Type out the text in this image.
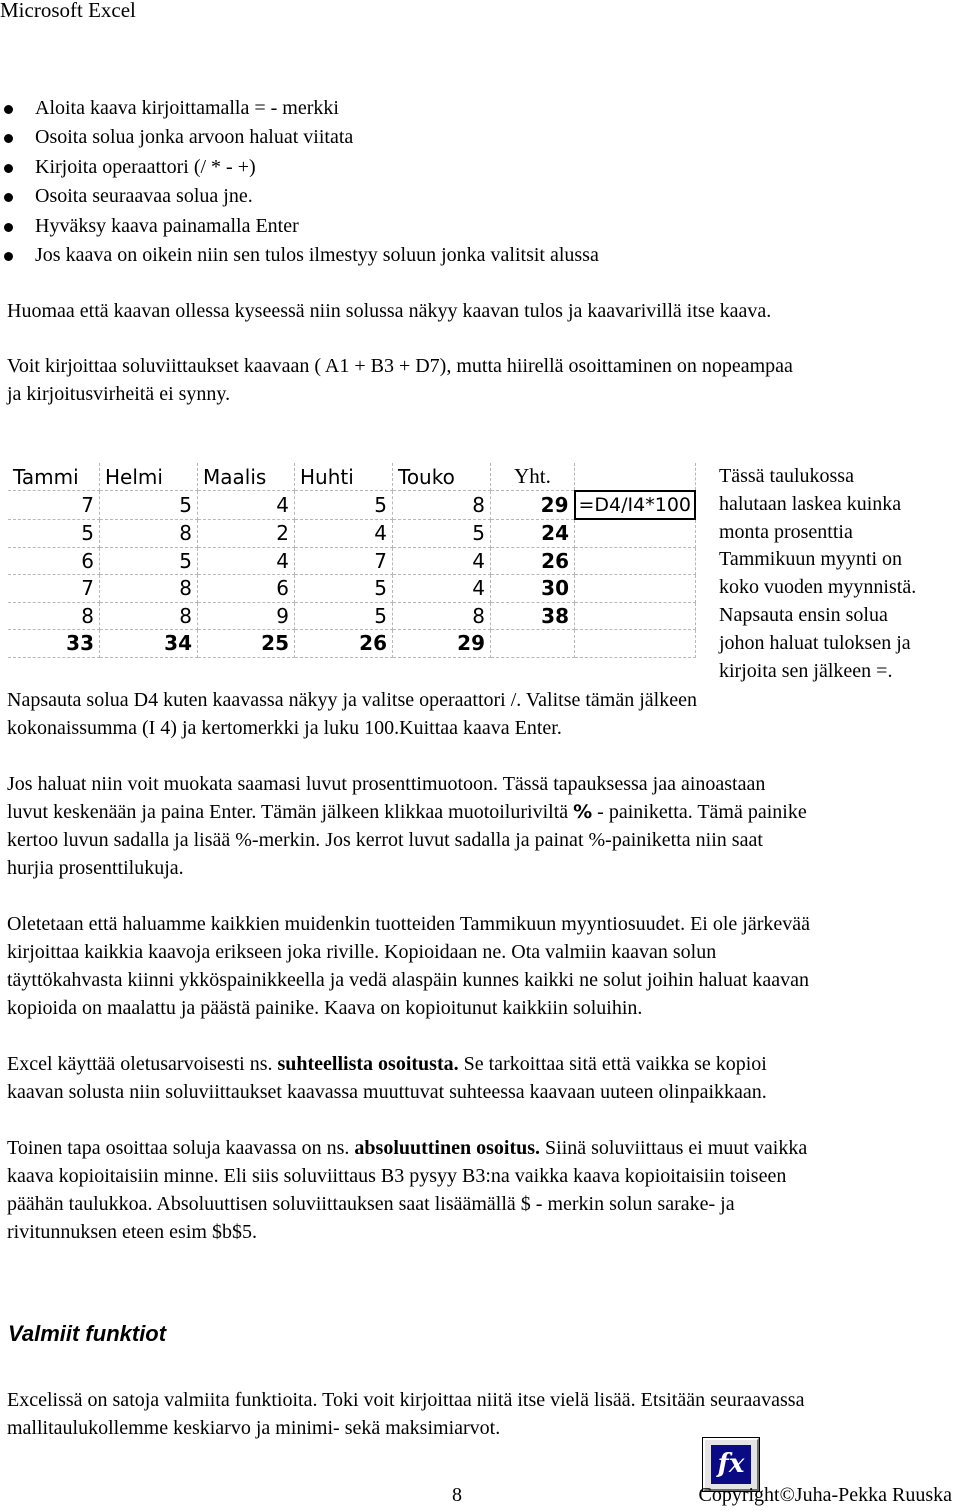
Microsoft Excel
Aloita kaava kirjoittamalla = - merkki
Osoita solua jonka arvoon haluat viitata
Kirjoita operaattori (/ * - +)
Osoita seuraavaa solua jne.
Hyväksy kaava painamalla Enter
Jos kaava on oikein niin sen tulos ilmestyy soluun jonka valitsit alussa
Huomaa että kaavan ollessa kyseessä niin solussa näkyy kaavan tulos ja kaavarivillä itse kaava.
Voit kirjoittaa soluviittaukset kaavaan ( A1 + B3 + D7), mutta hiirellä osoittaminen on nopeampaa
ja kirjoitusvirheitä ei synny.
Tammi	Helmi	Maalis	Huhti	Touko	Yht.	
7	5	4	5	8	29	=D4/I4*100
5	8	2	4	5	24	
6	5	4	7	4	26	
7	8	6	5	4	30	
8	8	9	5	8	38	
33	34	25	26	29		
Tässä taulukossa
halutaan laskea kuinka
monta prosenttia
Tammikuun myynti on
koko vuoden myynnistä.
Napsauta ensin solua
johon haluat tuloksen ja
kirjoita sen jälkeen =.
Napsauta solua D4 kuten kaavassa näkyy ja valitse operaattori /. Valitse tämän jälkeen
kokonaissumma (I 4) ja kertomerkki ja luku 100.Kuittaa kaava Enter.
Jos haluat niin voit muokata saamasi luvut prosenttimuotoon. Tässä tapauksessa jaa ainoastaan
luvut keskenään ja paina Enter. Tämän jälkeen klikkaa muotoiluriviltä % - painiketta. Tämä painike
kertoo luvun sadalla ja lisää %-merkin. Jos kerrot luvut sadalla ja painat %-painiketta niin saat
hurjia prosenttilukuja.
Oletetaan että haluamme kaikkien muidenkin tuotteiden Tammikuun myyntiosuudet. Ei ole järkevää
kirjoittaa kaikkia kaavoja erikseen joka riville. Kopioidaan ne. Ota valmiin kaavan solun
täyttökahvasta kiinni ykköspainikkeella ja vedä alaspäin kunnes kaikki ne solut joihin haluat kaavan
kopioida on maalattu ja päästä painike. Kaava on kopioitunut kaikkiin soluihin.
Excel käyttää oletusarvoisesti ns. suhteellista osoitusta. Se tarkoittaa sitä että vaikka se kopioi
kaavan solusta niin soluviittaukset kaavassa muuttuvat suhteessa kaavaan uuteen olinpaikkaan.
Toinen tapa osoittaa soluja kaavassa on ns. absoluuttinen osoitus. Siinä soluviittaus ei muut vaikka
kaava kopioitaisiin minne. Eli siis soluviittaus B3 pysyy B3:na vaikka kaava kopioitaisiin toiseen
päähän taulukkoa. Absoluuttisen soluviittauksen saat lisäämällä $ - merkin solun sarake- ja
rivitunnuksen eteen esim $b$5.
Valmiit funktiot
Excelissä on satoja valmiita funktioita. Toki voit kirjoittaa niitä itse vielä lisää. Etsitään seuraavassa
mallitaulukollemme keskiarvo ja minimi- sekä maksimiarvot.
fx
8	Copyright©Juha-Pekka Ruuska
